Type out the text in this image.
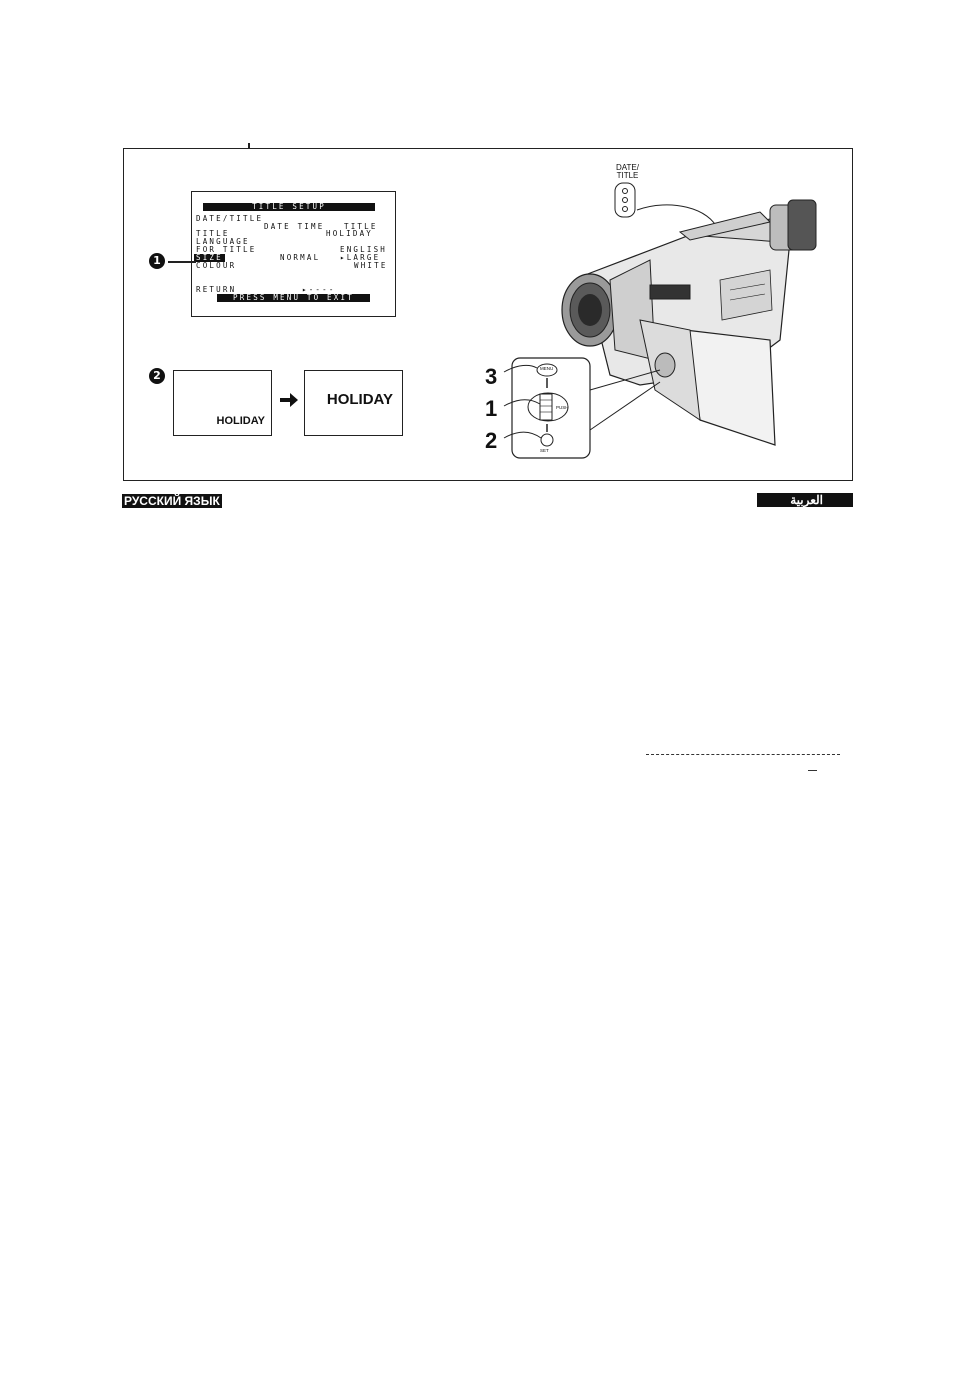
TITLE SETUP
DATE/TITLE
DATE TIME	TITLE
TITLE	HOLIDAY
LANGUAGE
FOR TITLE	ENGLISH
SIZE	NORMAL	▸LARGE
COLOUR	WHITE
RETURN	▸----
PRESS MENU TO EXIT
1
2
HOLIDAY
HOLIDAY
DATE/
TITLE
MENU
PUSH
SET
3
1
2
РУССКИЙ ЯЗЫК	العربية
